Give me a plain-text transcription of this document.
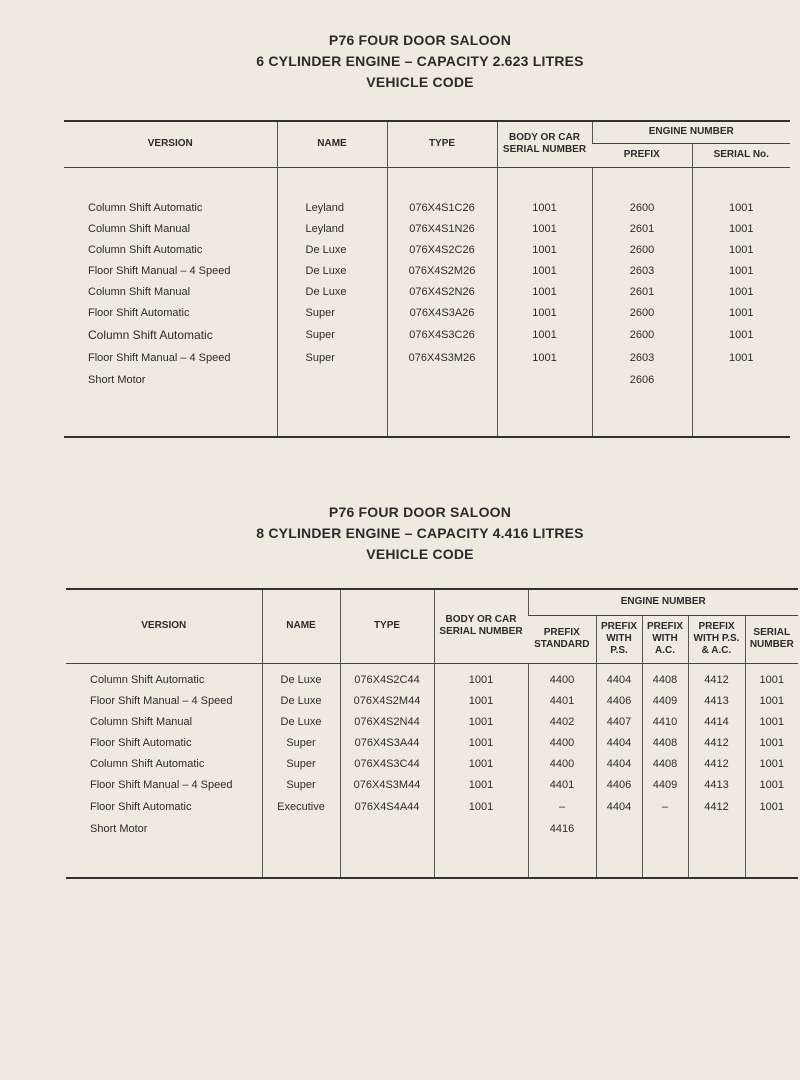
P76 FOUR DOOR SALOON
6 CYLINDER ENGINE – CAPACITY 2.623 LITRES
VEHICLE CODE
VERSION	NAME	TYPE	BODY OR CAR SERIAL NUMBER	ENGINE NUMBER	
				PREFIX	SERIAL No.

Column Shift Automatic	Leyland	076X4S1C26	1001	2600	1001
Column Shift Manual	Leyland	076X4S1N26	1001	2601	1001
Column Shift Automatic	De Luxe	076X4S2C26	1001	2600	1001
Floor Shift Manual – 4 Speed	De Luxe	076X4S2M26	1001	2603	1001
Column Shift Manual	De Luxe	076X4S2N26	1001	2601	1001
Floor Shift Automatic	Super	076X4S3A26	1001	2600	1001
Column Shift Automatic	Super	076X4S3C26	1001	2600	1001
Floor Shift Manual – 4 Speed	Super	076X4S3M26	1001	2603	1001
Short Motor				2606	

P76 FOUR DOOR SALOON
8 CYLINDER ENGINE – CAPACITY 4.416 LITRES
VEHICLE CODE
VERSION	NAME	TYPE	BODY OR CAR SERIAL NUMBER	ENGINE NUMBER				
				PREFIX STANDARD	PREFIX WITH P.S.	PREFIX WITH A.C.	PREFIX WITH P.S. & A.C.	SERIAL NUMBER

Column Shift Automatic	De Luxe	076X4S2C44	1001	4400	4404	4408	4412	1001
Floor Shift Manual – 4 Speed	De Luxe	076X4S2M44	1001	4401	4406	4409	4413	1001
Column Shift Manual	De Luxe	076X4S2N44	1001	4402	4407	4410	4414	1001
Floor Shift Automatic	Super	076X4S3A44	1001	4400	4404	4408	4412	1001
Column Shift Automatic	Super	076X4S3C44	1001	4400	4404	4408	4412	1001
Floor Shift Manual – 4 Speed	Super	076X4S3M44	1001	4401	4406	4409	4413	1001
Floor Shift Automatic	Executive	076X4S4A44	1001	–	4404	–	4412	1001
Short Motor				4416				
